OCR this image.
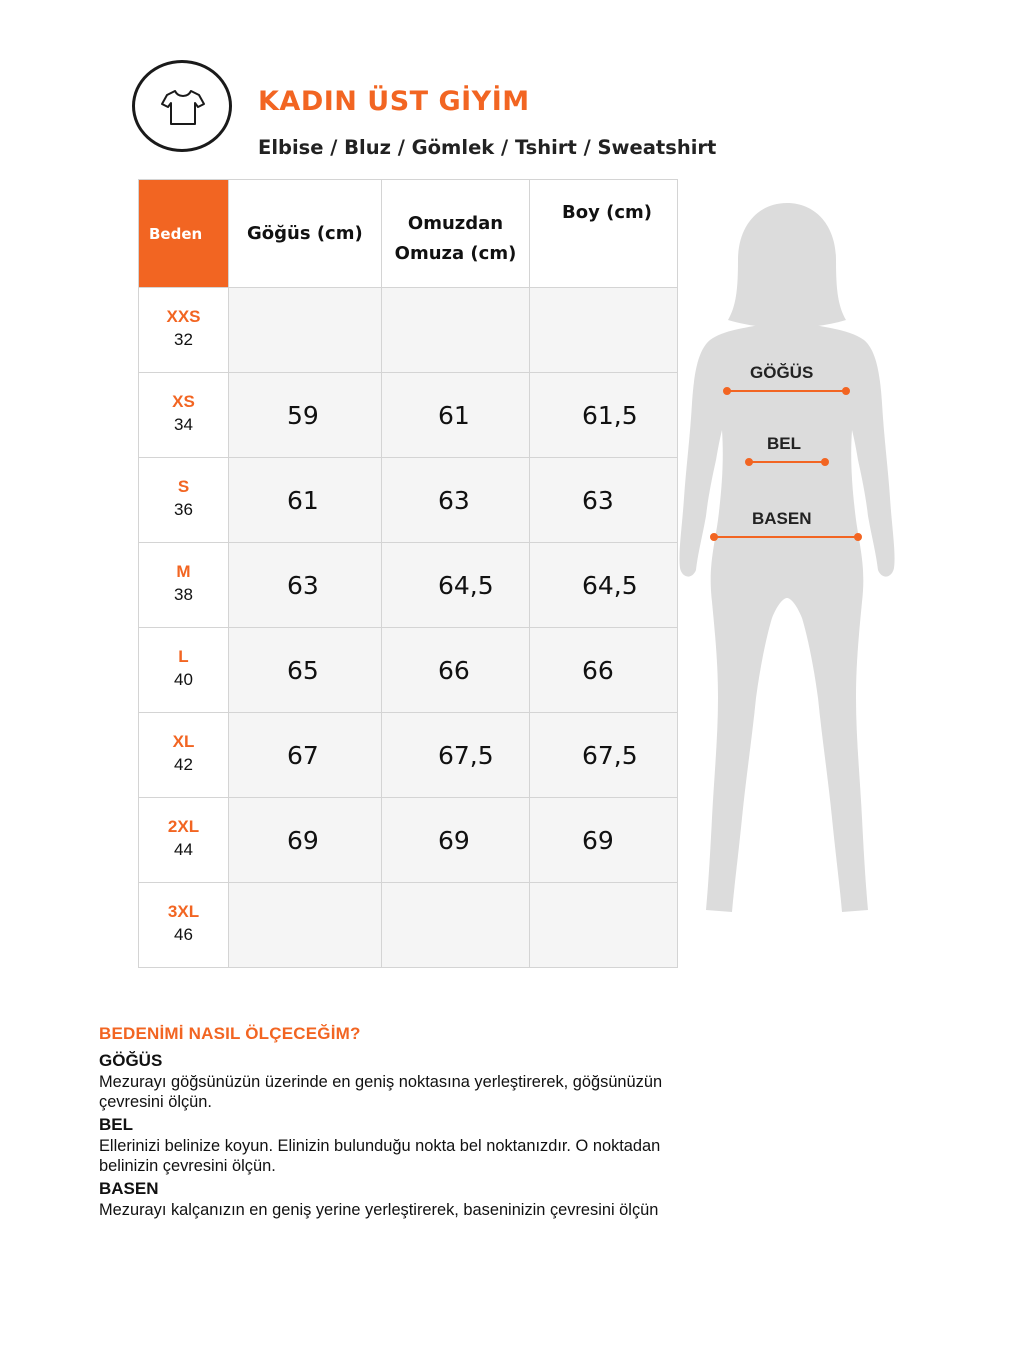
KADIN ÜST GİYİM
Elbise / Bluz / Gömlek / Tshirt / Sweatshirt
Beden	Göğüs (cm)	Omuzdan
Omuza (cm)	Boy (cm)

XXS
32			

XS
34	59	61	61,5

S
36	61	63	63

M
38	63	64,5	64,5

L
40	65	66	66

XL
42	67	67,5	67,5

2XL
44	69	69	69

3XL
46			

GÖĞÜS
BEL
BASEN

BEDENİMİ NASIL ÖLÇECEĞİM?

GÖĞÜS

Mezurayı göğsünüzün üzerinde en geniş noktasına yerleştirerek, göğsünüzün
çevresini ölçün.

BEL

Ellerinizi belinize koyun. Elinizin bulunduğu nokta bel noktanızdır. O noktadan
belinizin çevresini ölçün.

BASEN

Mezurayı kalçanızın en geniş yerine yerleştirerek, baseninizin çevresini ölçün
